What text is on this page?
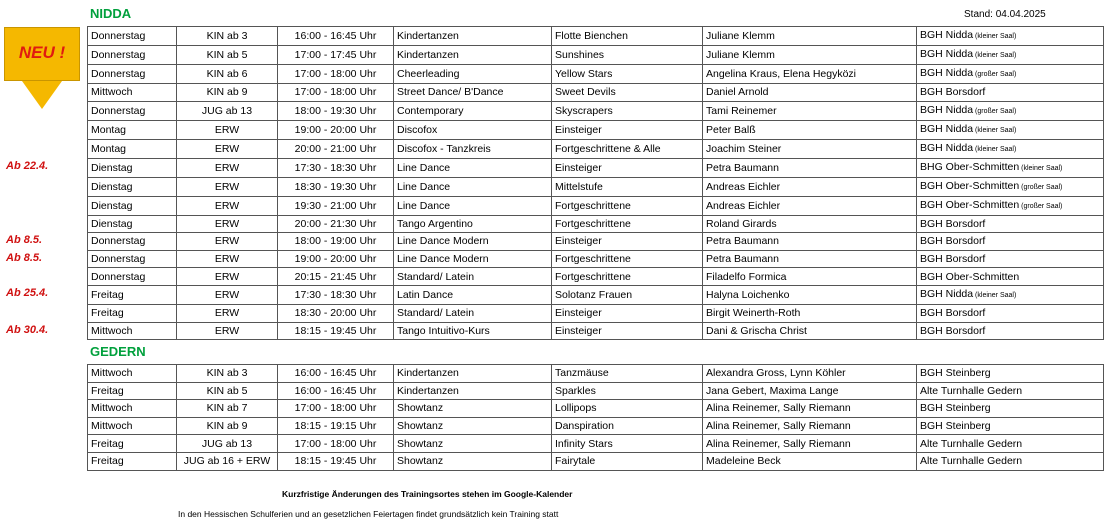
NIDDA	Stand: 04.04.2025
NEU !
Ab 22.4.
Ab 8.5.
Ab 8.5.
Ab 25.4.
Ab 30.4.
Donnerstag	KIN ab 3	16:00 - 16:45 Uhr	Kindertanzen	Flotte Bienchen	Juliane Klemm	BGH Nidda (kleiner Saal)
Donnerstag	KIN ab 5	17:00 - 17:45 Uhr	Kindertanzen	Sunshines	Juliane Klemm	BGH Nidda (kleiner Saal)
Donnerstag	KIN ab 6	17:00 - 18:00 Uhr	Cheerleading	Yellow Stars	Angelina Kraus, Elena Hegyközi	BGH Nidda (großer Saal)
Mittwoch	KIN ab 9	17:00 - 18:00 Uhr	Street Dance/ B'Dance	Sweet Devils	Daniel Arnold	BGH Borsdorf
Donnerstag	JUG ab 13	18:00 - 19:30 Uhr	Contemporary	Skyscrapers	Tami Reinemer	BGH Nidda (großer Saal)
Montag	ERW	19:00 - 20:00 Uhr	Discofox	Einsteiger	Peter Balß	BGH Nidda (kleiner Saal)
Montag	ERW	20:00 - 21:00 Uhr	Discofox - Tanzkreis	Fortgeschrittene & Alle	Joachim Steiner	BGH Nidda (kleiner Saal)
Dienstag	ERW	17:30 - 18:30 Uhr	Line Dance	Einsteiger	Petra Baumann	BHG Ober-Schmitten (kleiner Saal)
Dienstag	ERW	18:30 - 19:30 Uhr	Line Dance	Mittelstufe	Andreas Eichler	BGH Ober-Schmitten (großer Saal)
Dienstag	ERW	19:30 - 21:00 Uhr	Line Dance	Fortgeschrittene	Andreas Eichler	BGH Ober-Schmitten (großer Saal)
Dienstag	ERW	20:00 - 21:30 Uhr	Tango Argentino	Fortgeschrittene	Roland Girards	BGH Borsdorf
Donnerstag	ERW	18:00 - 19:00 Uhr	Line Dance Modern	Einsteiger	Petra Baumann	BGH Borsdorf
Donnerstag	ERW	19:00 - 20:00 Uhr	Line Dance Modern	Fortgeschrittene	Petra Baumann	BGH Borsdorf
Donnerstag	ERW	20:15 - 21:45 Uhr	Standard/ Latein	Fortgeschrittene	Filadelfo Formica	BGH Ober-Schmitten
Freitag	ERW	17:30 - 18:30 Uhr	Latin Dance	Solotanz Frauen	Halyna Loichenko	BGH Nidda (kleiner Saal)
Freitag	ERW	18:30 - 20:00 Uhr	Standard/ Latein	Einsteiger	Birgit Weinerth-Roth	BGH Borsdorf
Mittwoch	ERW	18:15 - 19:45 Uhr	Tango Intuitivo-Kurs	Einsteiger	Dani & Grischa Christ	BGH Borsdorf
GEDERN
Mittwoch	KIN ab 3	16:00 - 16:45 Uhr	Kindertanzen	Tanzmäuse	Alexandra Gross, Lynn Köhler	BGH Steinberg
Freitag	KIN ab 5	16:00 - 16:45 Uhr	Kindertanzen	Sparkles	Jana Gebert, Maxima Lange	Alte Turnhalle Gedern
Mittwoch	KIN ab 7	17:00 - 18:00 Uhr	Showtanz	Lollipops	Alina Reinemer, Sally Riemann	BGH Steinberg
Mittwoch	KIN ab 9	18:15 - 19:15 Uhr	Showtanz	Danspiration	Alina Reinemer, Sally Riemann	BGH Steinberg
Freitag	JUG ab 13	17:00 - 18:00 Uhr	Showtanz	Infinity Stars	Alina Reinemer, Sally Riemann	Alte Turnhalle Gedern
Freitag	JUG ab 16 + ERW	18:15 - 19:45 Uhr	Showtanz	Fairytale	Madeleine Beck	Alte Turnhalle Gedern
Kurzfristige Änderungen des Trainingsortes stehen im Google-Kalender
In den Hessischen Schulferien und an gesetzlichen Feiertagen findet grundsätzlich kein Training statt
